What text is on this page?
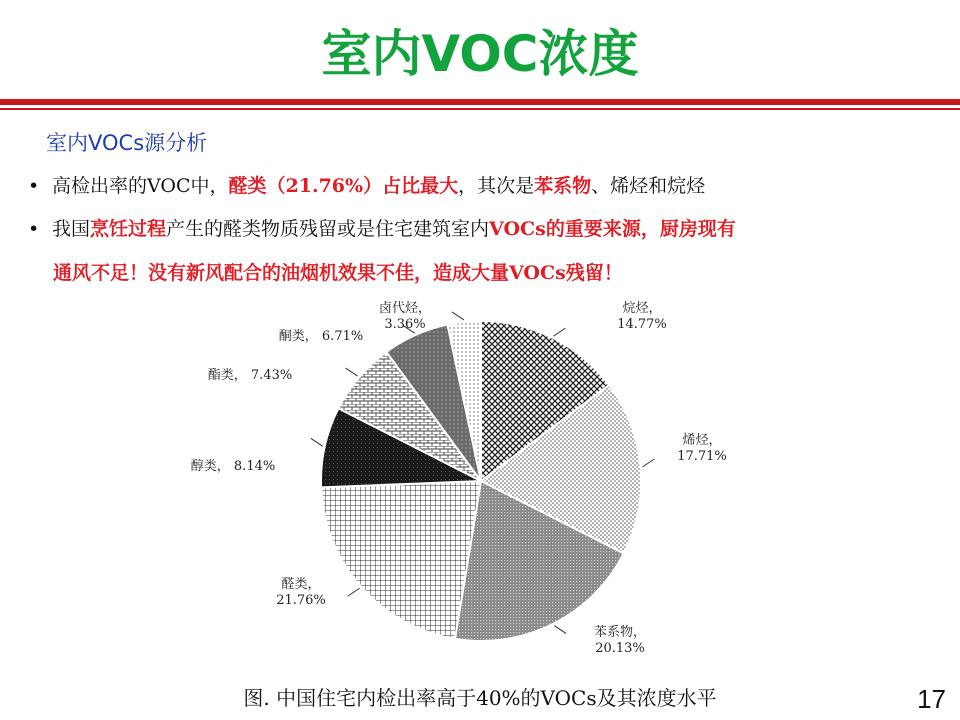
室内VOC浓度
室内VOCs源分析
• 高检出率的VOC中，醛类（21.76%）占比最大，其次是苯系物、烯烃和烷烃
• 我国烹饪过程产生的醛类物质残留或是住宅建筑室内VOCs的重要来源，厨房现有
通风不足！没有新风配合的油烟机效果不佳，造成大量VOCs残留！
烷烃，
14.77%
烯烃，
17.71%
苯系物，
20.13%
醛类，
21.76%
醇类， 8.14%
酯类， 7.43%
酮类， 6.71%
卤代烃，
3.36%
图. 中国住宅内检出率高于40%的VOCs及其浓度水平	17
